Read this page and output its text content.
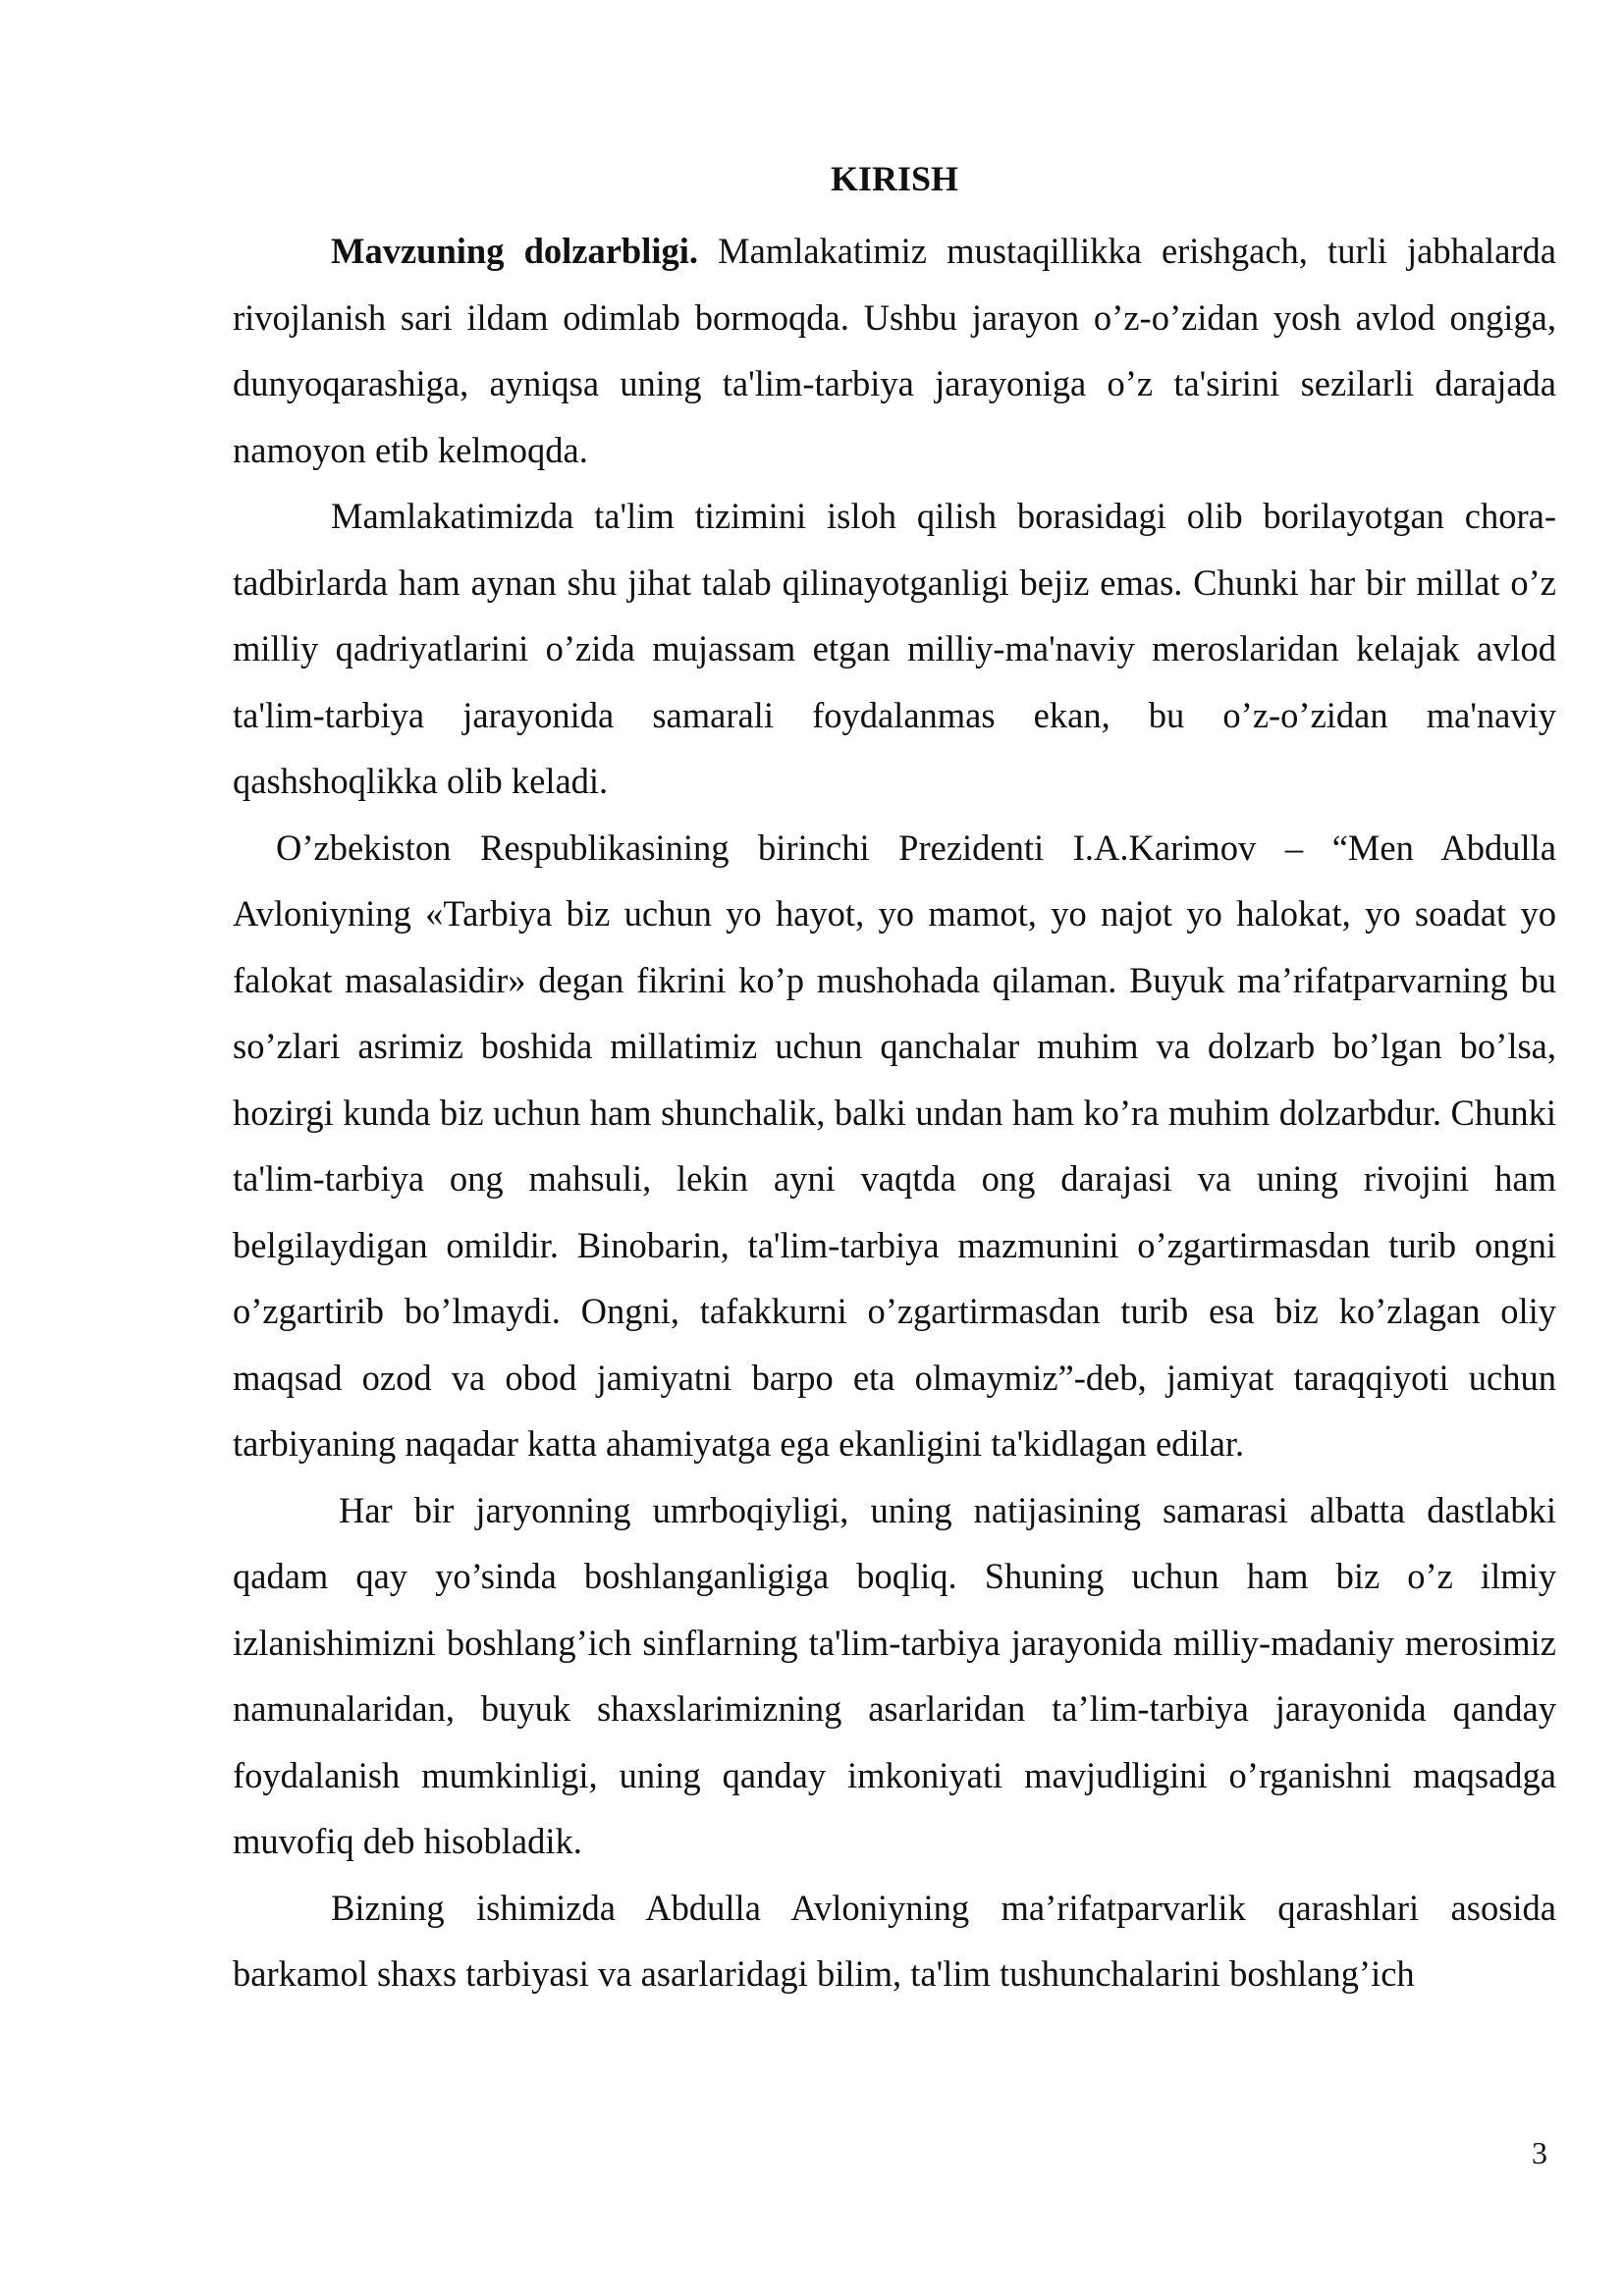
KIRISH

Mavzuning dolzarbligi. Mamlakatimiz mustaqillikka erishgach, turli jabhalarda rivojlanish sari ildam odimlab bormoqda. Ushbu jarayon o’z-o’zidan yosh avlod ongiga, dunyoqarashiga, ayniqsa uning ta'lim-tarbiya jarayoniga o’z ta'sirini sezilarli darajada namoyon etib kelmoqda.

Mamlakatimizda ta'lim tizimini isloh qilish borasidagi olib borilayotgan chora-tadbirlarda ham aynan shu jihat talab qilinayotganligi bejiz emas. Chunki har bir millat o’z milliy qadriyatlarini o’zida mujassam etgan milliy-ma'naviy meroslaridan kelajak avlod ta'lim-tarbiya jarayonida samarali foydalanmas ekan, bu o’z-o’zidan ma'naviy qashshoqlikka olib keladi.

O’zbekiston Respublikasining birinchi Prezidenti I.A.Karimov – “Men Abdulla Avloniyning «Tarbiya biz uchun yo hayot, yo mamot, yo najot yo halokat, yo soadat yo falokat masalasidir» degan fikrini ko’p mushohada qilaman. Buyuk ma’rifatparvarning bu so’zlari asrimiz boshida millatimiz uchun qanchalar muhim va dolzarb bo’lgan bo’lsa, hozirgi kunda biz uchun ham shunchalik, balki undan ham ko’ra muhim dolzarbdur. Chunki ta'lim-tarbiya ong mahsuli, lekin ayni vaqtda ong darajasi va uning rivojini ham belgilaydigan omildir. Binobarin, ta'lim-tarbiya mazmunini o’zgartirmasdan turib ongni o’zgartirib bo’lmaydi. Ongni, tafakkurni o’zgartirmasdan turib esa biz ko’zlagan oliy maqsad ozod va obod jamiyatni barpo eta olmaymiz”-deb, jamiyat taraqqiyoti uchun tarbiyaning naqadar katta ahamiyatga ega ekanligini ta'kidlagan edilar.

Har bir jaryonning umrboqiyligi, uning natijasining samarasi albatta dastlabki qadam qay yo’sinda boshlanganligiga boqliq. Shuning uchun ham biz o’z ilmiy izlanishimizni boshlang’ich sinflarning ta'lim-tarbiya jarayonida milliy-madaniy merosimiz namunalaridan, buyuk shaxslarimizning asarlaridan ta’lim-tarbiya jarayonida qanday foydalanish mumkinligi, uning qanday imkoniyati mavjudligini o’rganishni maqsadga muvofiq deb hisobladik.

Bizning ishimizda Abdulla Avloniyning ma’rifatparvarlik qarashlari asosida barkamol shaxs tarbiyasi va asarlaridagi bilim, ta'lim tushunchalarini boshlang’ich

3
